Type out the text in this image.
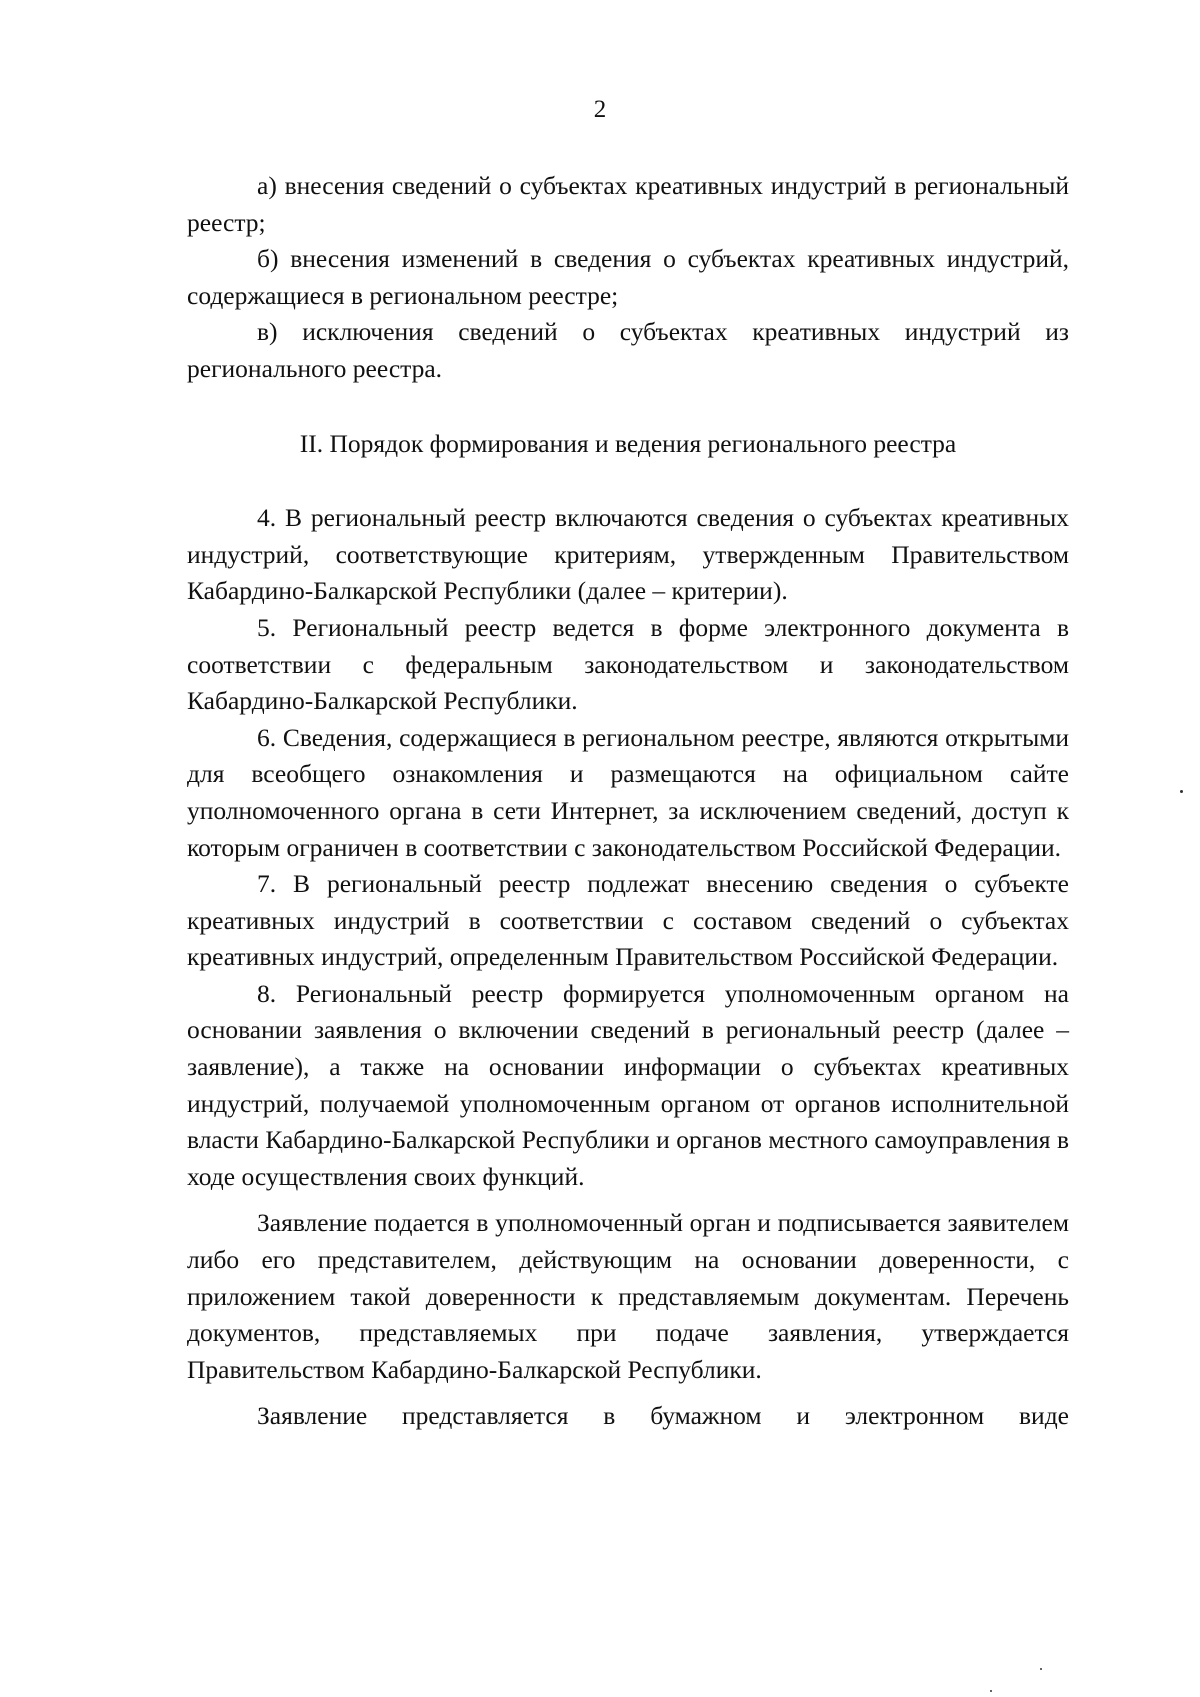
2

а) внесения сведений о субъектах креативных индустрий в региональный реестр;

б) внесения изменений в сведения о субъектах креативных индустрий, содержащиеся в региональном реестре;

в) исключения сведений о субъектах креативных индустрий из регионального реестра.

II. Порядок формирования и ведения регионального реестра

4. В региональный реестр включаются сведения о субъектах креативных индустрий, соответствующие критериям, утвержденным Правительством Кабардино-Балкарской Республики (далее – критерии).

5. Региональный реестр ведется в форме электронного документа в соответствии с федеральным законодательством и законодательством Кабардино-Балкарской Республики.

6. Сведения, содержащиеся в региональном реестре, являются открытыми для всеобщего ознакомления и размещаются на официальном сайте уполномоченного органа в сети Интернет, за исключением сведений, доступ к которым ограничен в соответствии с законодательством Российской Федерации.

7. В региональный реестр подлежат внесению сведения о субъекте креативных индустрий в соответствии с составом сведений о субъектах креативных индустрий, определенным Правительством Российской Федерации.

8. Региональный реестр формируется уполномоченным органом на основании заявления о включении сведений в региональный реестр (далее – заявление), а также на основании информации о субъектах креативных индустрий, получаемой уполномоченным органом от органов исполнительной власти Кабардино-Балкарской Республики и органов местного самоуправления в ходе осуществления своих функций.

Заявление подается в уполномоченный орган и подписывается заявителем либо его представителем, действующим на основании доверенности, с приложением такой доверенности к представляемым документам. Перечень документов, представляемых при подаче заявления, утверждается Правительством Кабардино-Балкарской Республики.

Заявление представляется в бумажном и электронном виде
